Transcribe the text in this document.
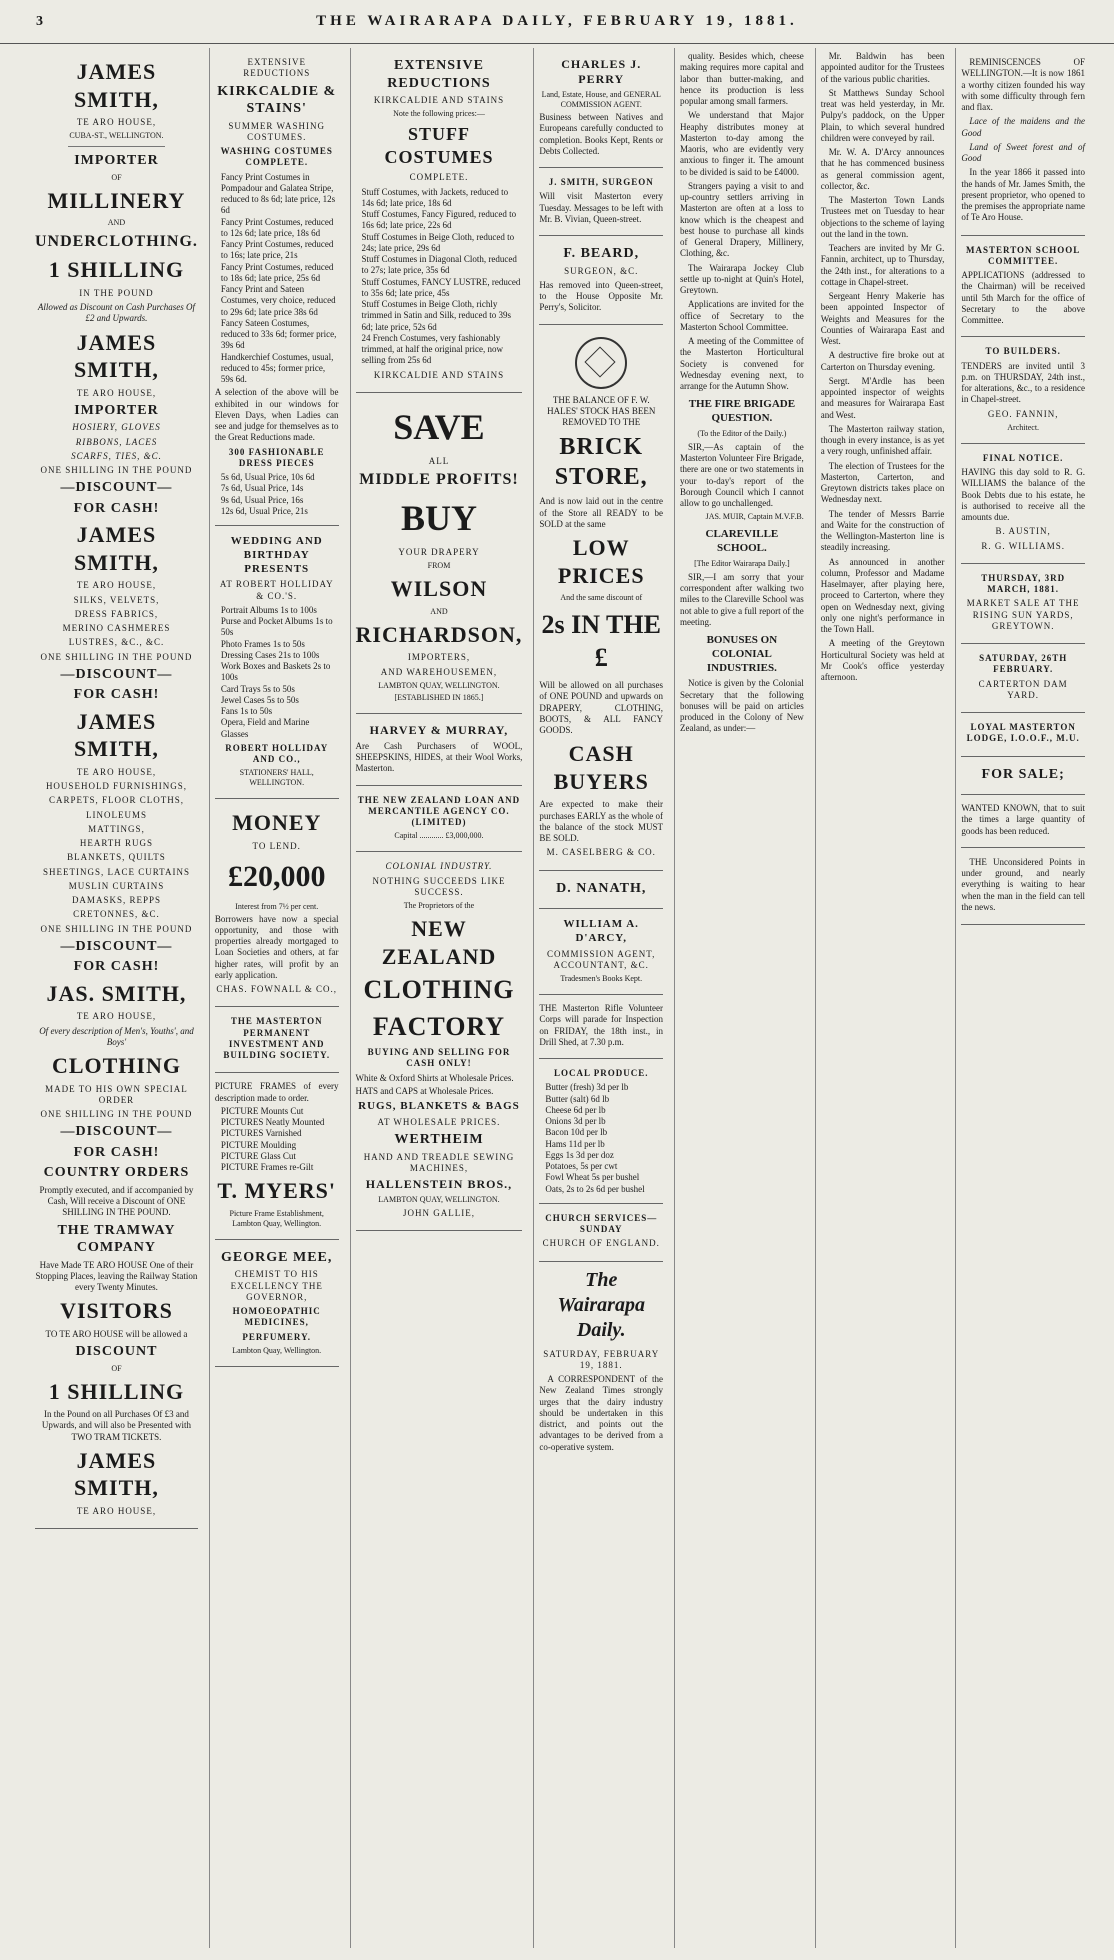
3	THE WAIRARAPA DAILY, FEBRUARY 19, 1881.
JAMES SMITH,
TE ARO HOUSE,
CUBA-ST., WELLINGTON.
IMPORTER
OF
MILLINERY
AND
UNDERCLOTHING.
1 SHILLING
IN THE POUND

Allowed as Discount on Cash Purchases Of £2 and Upwards.

JAMES SMITH,
TE ARO HOUSE,
IMPORTER
HOSIERY, GLOVES
RIBBONS, LACES
SCARFS, TIES, &C.
ONE SHILLING IN THE POUND
—DISCOUNT—
FOR CASH!
JAMES SMITH,
TE ARO HOUSE,
SILKS, VELVETS,
DRESS FABRICS,
MERINO CASHMERES
LUSTRES, &C., &C.
ONE SHILLING IN THE POUND
—DISCOUNT—
FOR CASH!
JAMES SMITH,
TE ARO HOUSE,
HOUSEHOLD FURNISHINGS,
CARPETS, FLOOR CLOTHS,
LINOLEUMS
MATTINGS,
HEARTH RUGS
BLANKETS, QUILTS
SHEETINGS, LACE CURTAINS
MUSLIN CURTAINS
DAMASKS, REPPS
CRETONNES, &C.
ONE SHILLING IN THE POUND
—DISCOUNT—
FOR CASH!
JAS. SMITH,
TE ARO HOUSE,

Of every description of Men's, Youths', and Boys'

CLOTHING
MADE TO HIS OWN SPECIAL ORDER
ONE SHILLING IN THE POUND
—DISCOUNT—
FOR CASH!
COUNTRY ORDERS

Promptly executed, and if accompanied by Cash, Will receive a Discount of ONE SHILLING IN THE POUND.

THE TRAMWAY COMPANY

Have Made TE ARO HOUSE One of their Stopping Places, leaving the Railway Station every Twenty Minutes.

VISITORS

TO TE ARO HOUSE will be allowed a

DISCOUNT
OF
1 SHILLING

In the Pound on all Purchases Of £3 and Upwards, and will also be Presented with TWO TRAM TICKETS.

JAMES SMITH,
TE ARO HOUSE,
EXTENSIVE REDUCTIONS
KIRKCALDIE & STAINS'
SUMMER WASHING COSTUMES.
WASHING COSTUMES COMPLETE.
Fancy Print Costumes in Pompadour and Galatea Stripe, reduced to 8s 6d; late price, 12s 6d
Fancy Print Costumes, reduced to 12s 6d; late price, 18s 6d
Fancy Print Costumes, reduced to 16s; late price, 21s
Fancy Print Costumes, reduced to 18s 6d; late price, 25s 6d
Fancy Print and Sateen Costumes, very choice, reduced to 29s 6d; late price 38s 6d
Fancy Sateen Costumes, reduced to 33s 6d; former price, 39s 6d
Handkerchief Costumes, usual, reduced to 45s; former price, 59s 6d.

A selection of the above will be exhibited in our windows for Eleven Days, when Ladies can see and judge for themselves as to the Great Reductions made.

300 FASHIONABLE DRESS PIECES
5s 6d, Usual Price, 10s 6d
7s 6d, Usual Price, 14s
9s 6d, Usual Price, 16s
12s 6d, Usual Price, 21s
WEDDING AND BIRTHDAY PRESENTS
AT ROBERT HOLLIDAY & CO.'S.
Portrait Albums 1s to 100s
Purse and Pocket Albums 1s to 50s
Photo Frames 1s to 50s
Dressing Cases 21s to 100s
Work Boxes and Baskets 2s to 100s
Card Trays 5s to 50s
Jewel Cases 5s to 50s
Fans 1s to 50s
Opera, Field and Marine Glasses
ROBERT HOLLIDAY AND CO.,
STATIONERS' HALL, WELLINGTON.
MONEY
TO LEND.
£20,000
Interest from 7½ per cent.

Borrowers have now a special opportunity, and those with properties already mortgaged to Loan Societies and others, at far higher rates, will profit by an early application.

CHAS. FOWNALL & CO.,
THE MASTERTON PERMANENT INVESTMENT AND BUILDING SOCIETY.

PICTURE FRAMES of every description made to order.

PICTURE Mounts Cut
PICTURES Neatly Mounted
PICTURES Varnished
PICTURE Moulding
PICTURE Glass Cut
PICTURE Frames re-Gilt
T. MYERS'
Picture Frame Establishment, Lambton Quay, Wellington.
GEORGE MEE,
CHEMIST TO HIS EXCELLENCY THE GOVERNOR,
HOMOEOPATHIC MEDICINES,
PERFUMERY.
Lambton Quay, Wellington.
EXTENSIVE REDUCTIONS
KIRKCALDIE AND STAINS
Note the following prices:—
STUFF COSTUMES
COMPLETE.
Stuff Costumes, with Jackets, reduced to 14s 6d; late price, 18s 6d
Stuff Costumes, Fancy Figured, reduced to 16s 6d; late price, 22s 6d
Stuff Costumes in Beige Cloth, reduced to 24s; late price, 29s 6d
Stuff Costumes in Diagonal Cloth, reduced to 27s; late price, 35s 6d
Stuff Costumes, FANCY LUSTRE, reduced to 35s 6d; late price, 45s
Stuff Costumes in Beige Cloth, richly trimmed in Satin and Silk, reduced to 39s 6d; late price, 52s 6d
24 French Costumes, very fashionably trimmed, at half the original price, now selling from 25s 6d
KIRKCALDIE AND STAINS
SAVE
ALL
MIDDLE PROFITS!
BUY
YOUR DRAPERY
FROM
WILSON
AND
RICHARDSON,
IMPORTERS,
AND WAREHOUSEMEN,
LAMBTON QUAY, WELLINGTON.
[ESTABLISHED IN 1865.]
HARVEY & MURRAY,

Are Cash Purchasers of WOOL, SHEEPSKINS, HIDES, at their Wool Works, Masterton.

THE NEW ZEALAND LOAN AND MERCANTILE AGENCY CO. (LIMITED)
Capital ............ £3,000,000.
COLONIAL INDUSTRY.
NOTHING SUCCEEDS LIKE SUCCESS.
The Proprietors of the
NEW ZEALAND
CLOTHING
FACTORY
BUYING AND SELLING FOR CASH ONLY!

White & Oxford Shirts at Wholesale Prices.

HATS and CAPS at Wholesale Prices.

RUGS, BLANKETS & BAGS
AT WHOLESALE PRICES.
WERTHEIM
HAND AND TREADLE SEWING MACHINES,
HALLENSTEIN BROS.,
LAMBTON QUAY, WELLINGTON.
JOHN GALLIE,
CHARLES J. PERRY
Land, Estate, House, and GENERAL COMMISSION AGENT.

Business between Natives and Europeans carefully conducted to completion. Books Kept, Rents or Debts Collected.

J. SMITH, SURGEON

Will visit Masterton every Tuesday. Messages to be left with Mr. B. Vivian, Queen-street.

F. BEARD,
SURGEON, &C.

Has removed into Queen-street, to the House Opposite Mr. Perry's, Solicitor.

THE BALANCE OF F. W. HALES' STOCK HAS BEEN REMOVED TO THE

BRICK STORE,

And is now laid out in the centre of the Store all READY to be SOLD at the same

LOW PRICES
And the same discount of
2s IN THE £

Will be allowed on all purchases of ONE POUND and upwards on DRAPERY, CLOTHING, BOOTS, & ALL FANCY GOODS.

CASH BUYERS

Are expected to make their purchases EARLY as the whole of the balance of the stock MUST BE SOLD.

M. CASELBERG & CO.
D. NANATH,
WILLIAM A. D'ARCY,
COMMISSION AGENT, ACCOUNTANT, &C.
Tradesmen's Books Kept.

THE Masterton Rifle Volunteer Corps will parade for Inspection on FRIDAY, the 18th inst., in Drill Shed, at 7.30 p.m.

LOCAL PRODUCE.
Butter (fresh) 3d per lb
Butter (salt) 6d lb
Cheese 6d per lb
Onions 3d per lb
Bacon 10d per lb
Hams 11d per lb
Eggs 1s 3d per doz
Potatoes, 5s per cwt
Fowl Wheat 5s per bushel
Oats, 2s to 2s 6d per bushel
CHURCH SERVICES—SUNDAY
CHURCH OF ENGLAND.
The Wairarapa Daily.
SATURDAY, FEBRUARY 19, 1881.

A CORRESPONDENT of the New Zealand Times strongly urges that the dairy industry should be undertaken in this district, and points out the advantages to be derived from a co-operative system.

quality. Besides which, cheese making requires more capital and labor than butter-making, and hence its production is less popular among small farmers.

We understand that Major Heaphy distributes money at Masterton to-day among the Maoris, who are evidently very anxious to finger it. The amount to be divided is said to be £4000.

Strangers paying a visit to and up-country settlers arriving in Masterton are often at a loss to know which is the cheapest and best house to purchase all kinds of General Drapery, Millinery, Clothing, &c.

The Wairarapa Jockey Club settle up to-night at Quin's Hotel, Greytown.

Applications are invited for the office of Secretary to the Masterton School Committee.

A meeting of the Committee of the Masterton Horticultural Society is convened for Wednesday evening next, to arrange for the Autumn Show.

THE FIRE BRIGADE QUESTION.
(To the Editor of the Daily.)

SIR,—As captain of the Masterton Volunteer Fire Brigade, there are one or two statements in your to-day's report of the Borough Council which I cannot allow to go unchallenged.

JAS. MUIR, Captain M.V.F.B.
CLAREVILLE SCHOOL.
[The Editor Wairarapa Daily.]

SIR,—I am sorry that your correspondent after walking two miles to the Clareville School was not able to give a full report of the meeting.

BONUSES ON COLONIAL INDUSTRIES.

Notice is given by the Colonial Secretary that the following bonuses will be paid on articles produced in the Colony of New Zealand, as under:—

Mr. Baldwin has been appointed auditor for the Trustees of the various public charities.

St Matthews Sunday School treat was held yesterday, in Mr. Pulpy's paddock, on the Upper Plain, to which several hundred children were conveyed by rail.

Mr. W. A. D'Arcy announces that he has commenced business as general commission agent, collector, &c.

The Masterton Town Lands Trustees met on Tuesday to hear objections to the scheme of laying out the land in the town.

Teachers are invited by Mr G. Fannin, architect, up to Thursday, the 24th inst., for alterations to a cottage in Chapel-street.

Sergeant Henry Makerie has been appointed Inspector of Weights and Measures for the Counties of Wairarapa East and West.

A destructive fire broke out at Carterton on Thursday evening.

Sergt. M'Ardle has been appointed inspector of weights and measures for Wairarapa East and West.

The Masterton railway station, though in every instance, is as yet a very rough, unfinished affair.

The election of Trustees for the Masterton, Carterton, and Greytown districts takes place on Wednesday next.

The tender of Messrs Barrie and Waite for the construction of the Wellington-Masterton line is steadily increasing.

As announced in another column, Professor and Madame Haselmayer, after playing here, proceed to Carterton, where they open on Wednesday next, giving only one night's performance in the Town Hall.

A meeting of the Greytown Horticultural Society was held at Mr Cook's office yesterday afternoon.

REMINISCENCES OF WELLINGTON.—It is now 1861 a worthy citizen founded his way with some difficulty through fern and flax.

Lace of the maidens and the Good

Land of Sweet forest and of Good

In the year 1866 it passed into the hands of Mr. James Smith, the present proprietor, who opened to the premises the appropriate name of Te Aro House.

MASTERTON SCHOOL COMMITTEE.

APPLICATIONS (addressed to the Chairman) will be received until 5th March for the office of Secretary to the above Committee.

TO BUILDERS.

TENDERS are invited until 3 p.m. on THURSDAY, 24th inst., for alterations, &c., to a residence in Chapel-street.

GEO. FANNIN,
Architect.
FINAL NOTICE.

HAVING this day sold to R. G. WILLIAMS the balance of the Book Debts due to his estate, he is authorised to receive all the amounts due.

B. AUSTIN,
R. G. WILLIAMS.
THURSDAY, 3RD MARCH, 1881.
MARKET SALE AT THE RISING SUN YARDS, GREYTOWN.
SATURDAY, 26TH FEBRUARY.
CARTERTON DAM YARD.
LOYAL MASTERTON LODGE, I.O.O.F., M.U.
FOR SALE;

WANTED KNOWN, that to suit the times a large quantity of goods has been reduced.

THE Unconsidered Points in under ground, and nearly everything is waiting to hear when the man in the field can tell the news.
